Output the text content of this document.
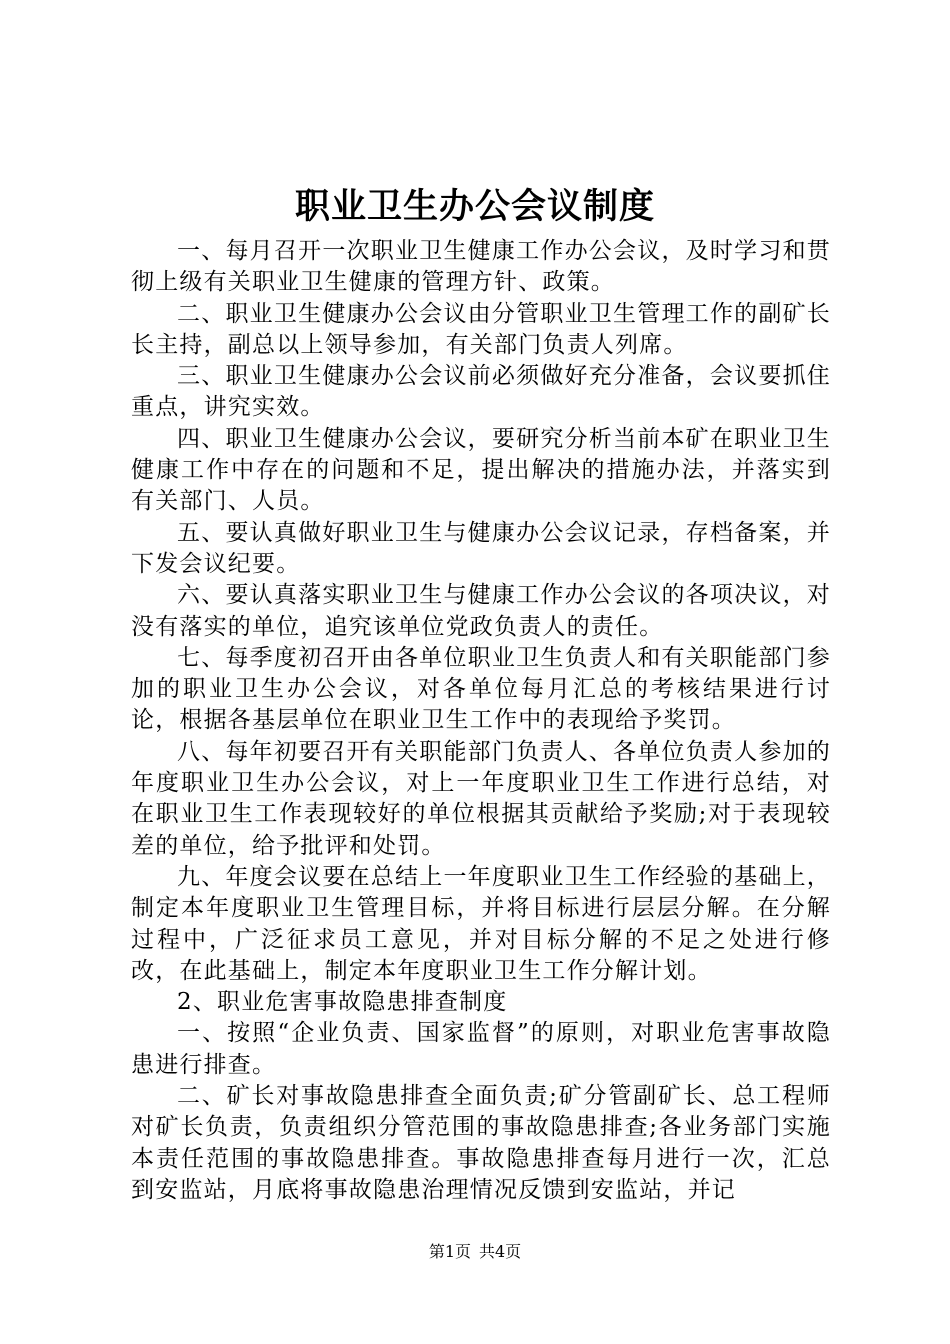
职业卫生办公会议制度

一、每月召开一次职业卫生健康工作办公会议，及时学习和贯彻上级有关职业卫生健康的管理方针、政策。

二、职业卫生健康办公会议由分管职业卫生管理工作的副矿长长主持，副总以上领导参加，有关部门负责人列席。

三、职业卫生健康办公会议前必须做好充分准备，会议要抓住重点，讲究实效。

四、职业卫生健康办公会议，要研究分析当前本矿在职业卫生健康工作中存在的问题和不足，提出解决的措施办法，并落实到有关部门、人员。

五、要认真做好职业卫生与健康办公会议记录，存档备案，并下发会议纪要。

六、要认真落实职业卫生与健康工作办公会议的各项决议，对没有落实的单位，追究该单位党政负责人的责任。

七、每季度初召开由各单位职业卫生负责人和有关职能部门参加的职业卫生办公会议，对各单位每月汇总的考核结果进行讨论，根据各基层单位在职业卫生工作中的表现给予奖罚。

八、每年初要召开有关职能部门负责人、各单位负责人参加的年度职业卫生办公会议，对上一年度职业卫生工作进行总结，对在职业卫生工作表现较好的单位根据其贡献给予奖励;对于表现较差的单位，给予批评和处罚。

九、年度会议要在总结上一年度职业卫生工作经验的基础上，制定本年度职业卫生管理目标，并将目标进行层层分解。在分解过程中，广泛征求员工意见，并对目标分解的不足之处进行修改，在此基础上，制定本年度职业卫生工作分解计划。

2、职业危害事故隐患排查制度

一、按照“企业负责、国家监督”的原则，对职业危害事故隐患进行排查。

二、矿长对事故隐患排查全面负责;矿分管副矿长、总工程师对矿长负责，负责组织分管范围的事故隐患排查;各业务部门实施本责任范围的事故隐患排查。事故隐患排查每月进行一次，汇总到安监站，月底将事故隐患治理情况反馈到安监站，并记

第1页 共4页
